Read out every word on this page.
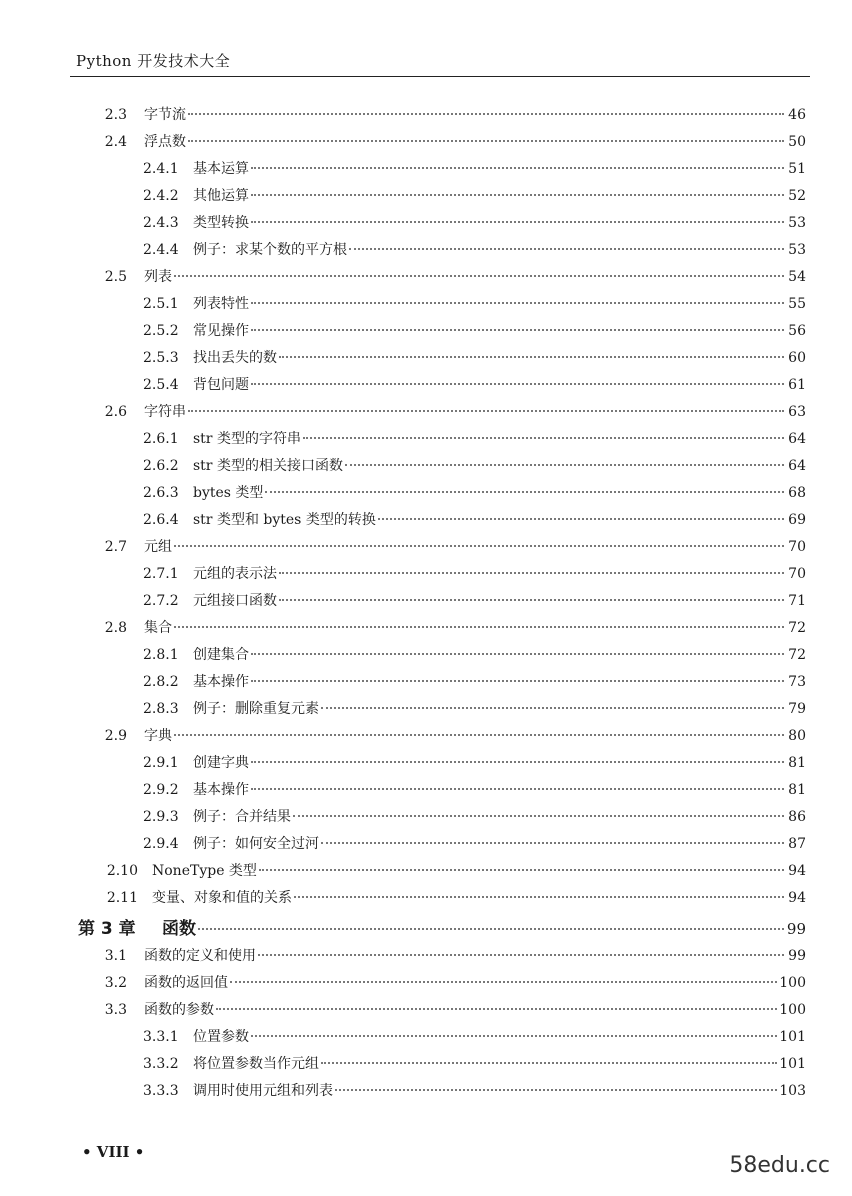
Python 开发技术大全
2.3 字节流	46
2.4 浮点数	50
2.4.1	基本运算	51
2.4.2	其他运算	52
2.4.3	类型转换	53
2.4.4	例子：求某个数的平方根	53
2.5 列表	54
2.5.1	列表特性	55
2.5.2	常见操作	56
2.5.3	找出丢失的数	60
2.5.4	背包问题	61
2.6 字符串	63
2.6.1	str 类型的字符串	64
2.6.2	str 类型的相关接口函数	64
2.6.3	bytes 类型	68
2.6.4	str 类型和 bytes 类型的转换	69
2.7 元组	70
2.7.1	元组的表示法	70
2.7.2	元组接口函数	71
2.8 集合	72
2.8.1	创建集合	72
2.8.2	基本操作	73
2.8.3	例子：删除重复元素	79
2.9 字典	80
2.9.1	创建字典	81
2.9.2	基本操作	81
2.9.3	例子：合并结果	86
2.9.4	例子：如何安全过河	87
2.10 NoneType 类型	94
2.11 变量、对象和值的关系	94
第 3 章	函数	99
3.1 函数的定义和使用	99
3.2 函数的返回值	100
3.3 函数的参数	100
3.3.1	位置参数	101
3.3.2	将位置参数当作元组	101
3.3.3	调用时使用元组和列表	103
• VIII •
58edu.cc
